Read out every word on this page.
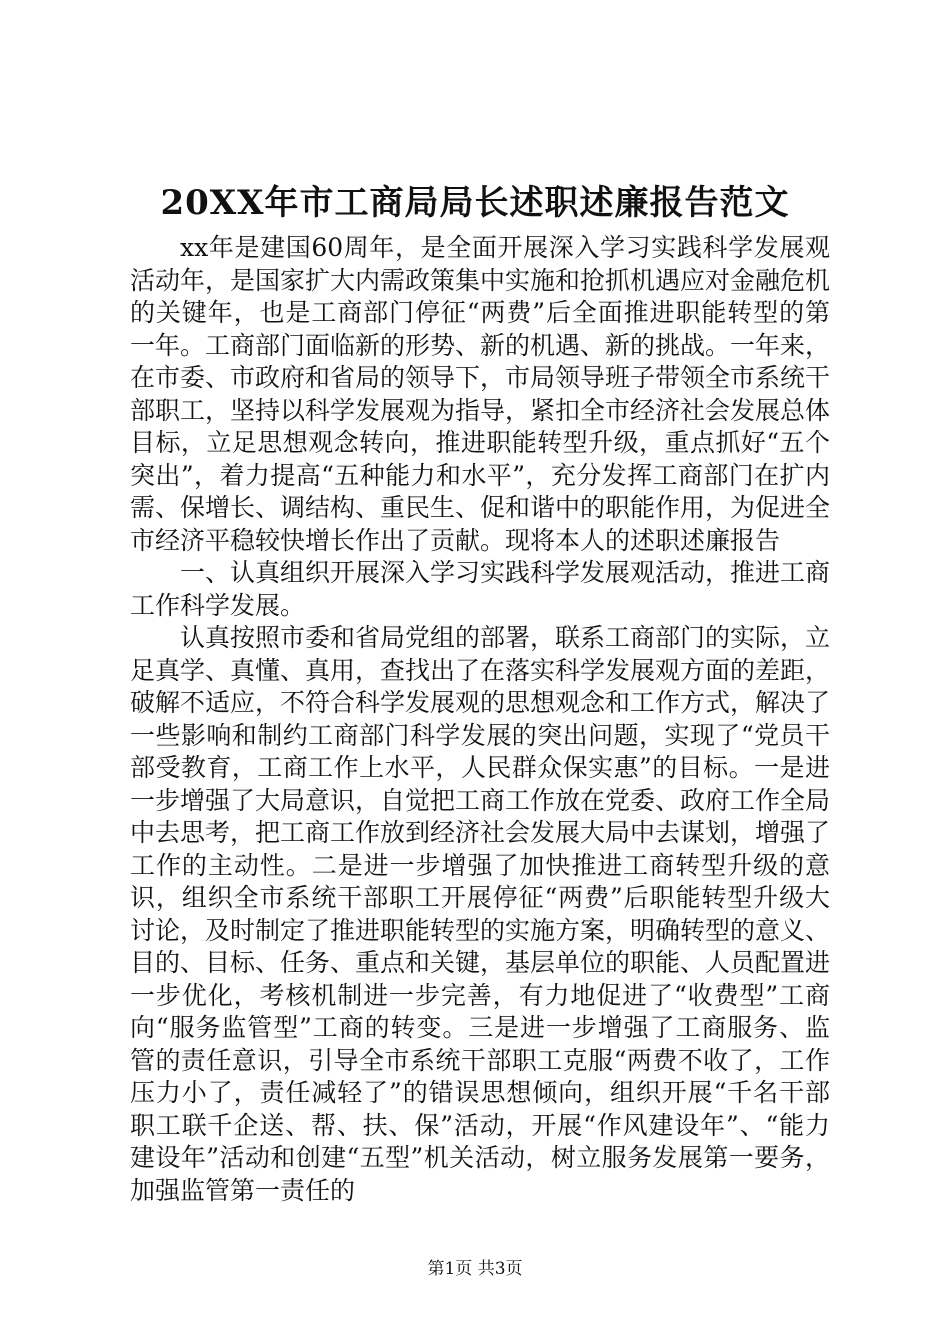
20XX年市工商局局长述职述廉报告范文

xx年是建国60周年，是全面开展深入学习实践科学发展观活动年，是国家扩大内需政策集中实施和抢抓机遇应对金融危机的关键年，也是工商部门停征“两费”后全面推进职能转型的第一年。工商部门面临新的形势、新的机遇、新的挑战。一年来，在市委、市政府和省局的领导下，市局领导班子带领全市系统干部职工，坚持以科学发展观为指导，紧扣全市经济社会发展总体目标，立足思想观念转向，推进职能转型升级，重点抓好“五个突出”，着力提高“五种能力和水平”，充分发挥工商部门在扩内需、保增长、调结构、重民生、促和谐中的职能作用，为促进全市经济平稳较快增长作出了贡献。现将本人的述职述廉报告

一、认真组织开展深入学习实践科学发展观活动，推进工商工作科学发展。

认真按照市委和省局党组的部署，联系工商部门的实际，立足真学、真懂、真用，查找出了在落实科学发展观方面的差距，破解不适应，不符合科学发展观的思想观念和工作方式，解决了一些影响和制约工商部门科学发展的突出问题，实现了“党员干部受教育，工商工作上水平，人民群众保实惠”的目标。一是进一步增强了大局意识，自觉把工商工作放在党委、政府工作全局中去思考，把工商工作放到经济社会发展大局中去谋划，增强了工作的主动性。二是进一步增强了加快推进工商转型升级的意识，组织全市系统干部职工开展停征“两费”后职能转型升级大讨论，及时制定了推进职能转型的实施方案，明确转型的意义、目的、目标、任务、重点和关键，基层单位的职能、人员配置进一步优化，考核机制进一步完善，有力地促进了“收费型”工商向“服务监管型”工商的转变。三是进一步增强了工商服务、监管的责任意识，引导全市系统干部职工克服“两费不收了，工作压力小了，责任减轻了”的错误思想倾向，组织开展“千名干部职工联千企送、帮、扶、保”活动，开展“作风建设年”、“能力建设年”活动和创建“五型”机关活动，树立服务发展第一要务，加强监管第一责任的

第1页 共3页
